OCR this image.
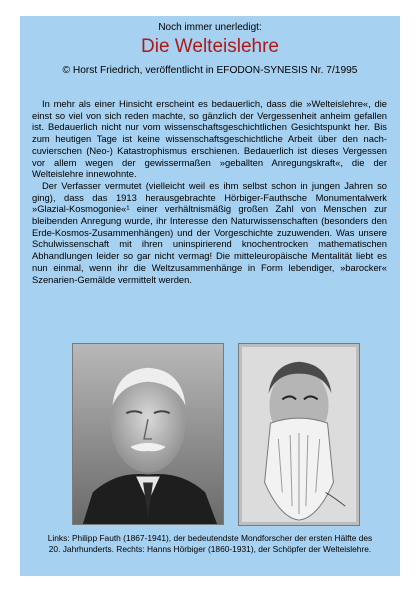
Noch immer unerledigt:
Die Welteislehre
© Horst Friedrich, veröffentlicht in EFODON-SYNESIS Nr. 7/1995

In mehr als einer Hinsicht erscheint es bedauerlich, dass die »Welteislehre«, die einst so viel von sich reden machte, so gänzlich der Vergessenheit anheim gefallen ist. Bedauerlich nicht nur vom wissenschaftsgeschichtlichen Gesichtspunkt her. Bis zum heutigen Tage ist keine wissenschaftsgeschichtliche Arbeit über den nach-cuvierschen (Neo-) Katastrophismus erschienen. Bedauerlich ist dieses Vergessen vor allem wegen der gewissermaßen »geballten Anregungskraft«, die der Welteislehre innewohnte.

Der Verfasser vermutet (vielleicht weil es ihm selbst schon in jungen Jahren so ging), dass das 1913 herausgebrachte Hörbiger-Fauthsche Monumentalwerk »Glazial-Kosmogonie«¹ einer verhältnismäßig großen Zahl von Menschen zur bleibenden Anregung wurde, ihr Interesse den Naturwissenschaften (besonders den Erde-Kosmos-Zusammenhängen) und der Vorgeschichte zuzuwenden. Was unsere Schulwissenschaft mit ihren uninspirierend knochentrocken mathematischen Abhandlungen leider so gar nicht vermag! Die mitteleuropäische Mentalität liebt es nun einmal, wenn ihr die Weltzusammenhänge in Form lebendiger, »barocker« Szenarien-Gemälde vermittelt werden.

Links: Philipp Fauth (1867-1941), der bedeutendste Mondforscher der ersten Hälfte des 20. Jahrhunderts. Rechts: Hanns Hörbiger (1860-1931), der Schöpfer der Welteislehre.
